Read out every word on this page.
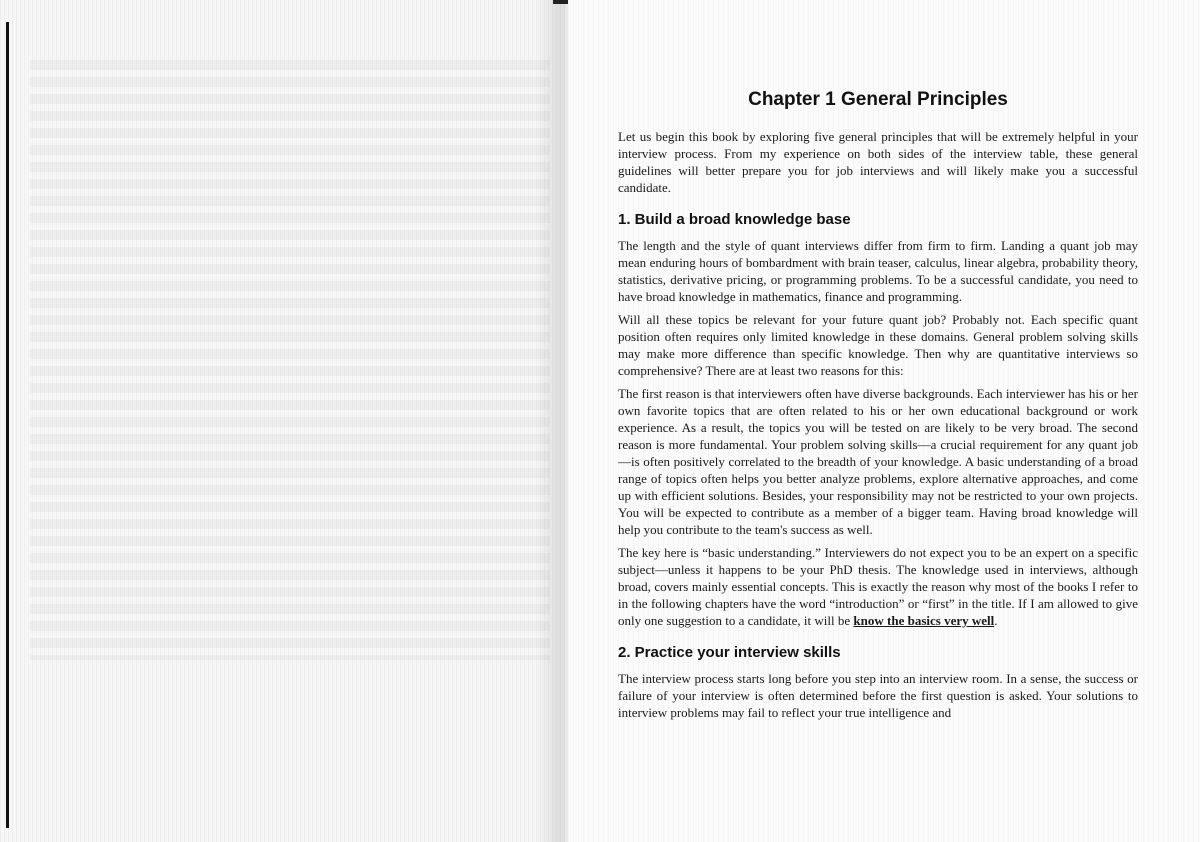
Chapter 1 General Principles

Let us begin this book by exploring five general principles that will be extremely helpful in your interview process. From my experience on both sides of the interview table, these general guidelines will better prepare you for job interviews and will likely make you a successful candidate.

1. Build a broad knowledge base

The length and the style of quant interviews differ from firm to firm. Landing a quant job may mean enduring hours of bombardment with brain teaser, calculus, linear algebra, probability theory, statistics, derivative pricing, or programming problems. To be a successful candidate, you need to have broad knowledge in mathematics, finance and programming.

Will all these topics be relevant for your future quant job? Probably not. Each specific quant position often requires only limited knowledge in these domains. General problem solving skills may make more difference than specific knowledge. Then why are quantitative interviews so comprehensive? There are at least two reasons for this:

The first reason is that interviewers often have diverse backgrounds. Each interviewer has his or her own favorite topics that are often related to his or her own educational background or work experience. As a result, the topics you will be tested on are likely to be very broad. The second reason is more fundamental. Your problem solving skills—a crucial requirement for any quant job—is often positively correlated to the breadth of your knowledge. A basic understanding of a broad range of topics often helps you better analyze problems, explore alternative approaches, and come up with efficient solutions. Besides, your responsibility may not be restricted to your own projects. You will be expected to contribute as a member of a bigger team. Having broad knowledge will help you contribute to the team's success as well.

The key here is “basic understanding.” Interviewers do not expect you to be an expert on a specific subject—unless it happens to be your PhD thesis. The knowledge used in interviews, although broad, covers mainly essential concepts. This is exactly the reason why most of the books I refer to in the following chapters have the word “introduction” or “first” in the title. If I am allowed to give only one suggestion to a candidate, it will be know the basics very well.

2. Practice your interview skills

The interview process starts long before you step into an interview room. In a sense, the success or failure of your interview is often determined before the first question is asked. Your solutions to interview problems may fail to reflect your true intelligence and
